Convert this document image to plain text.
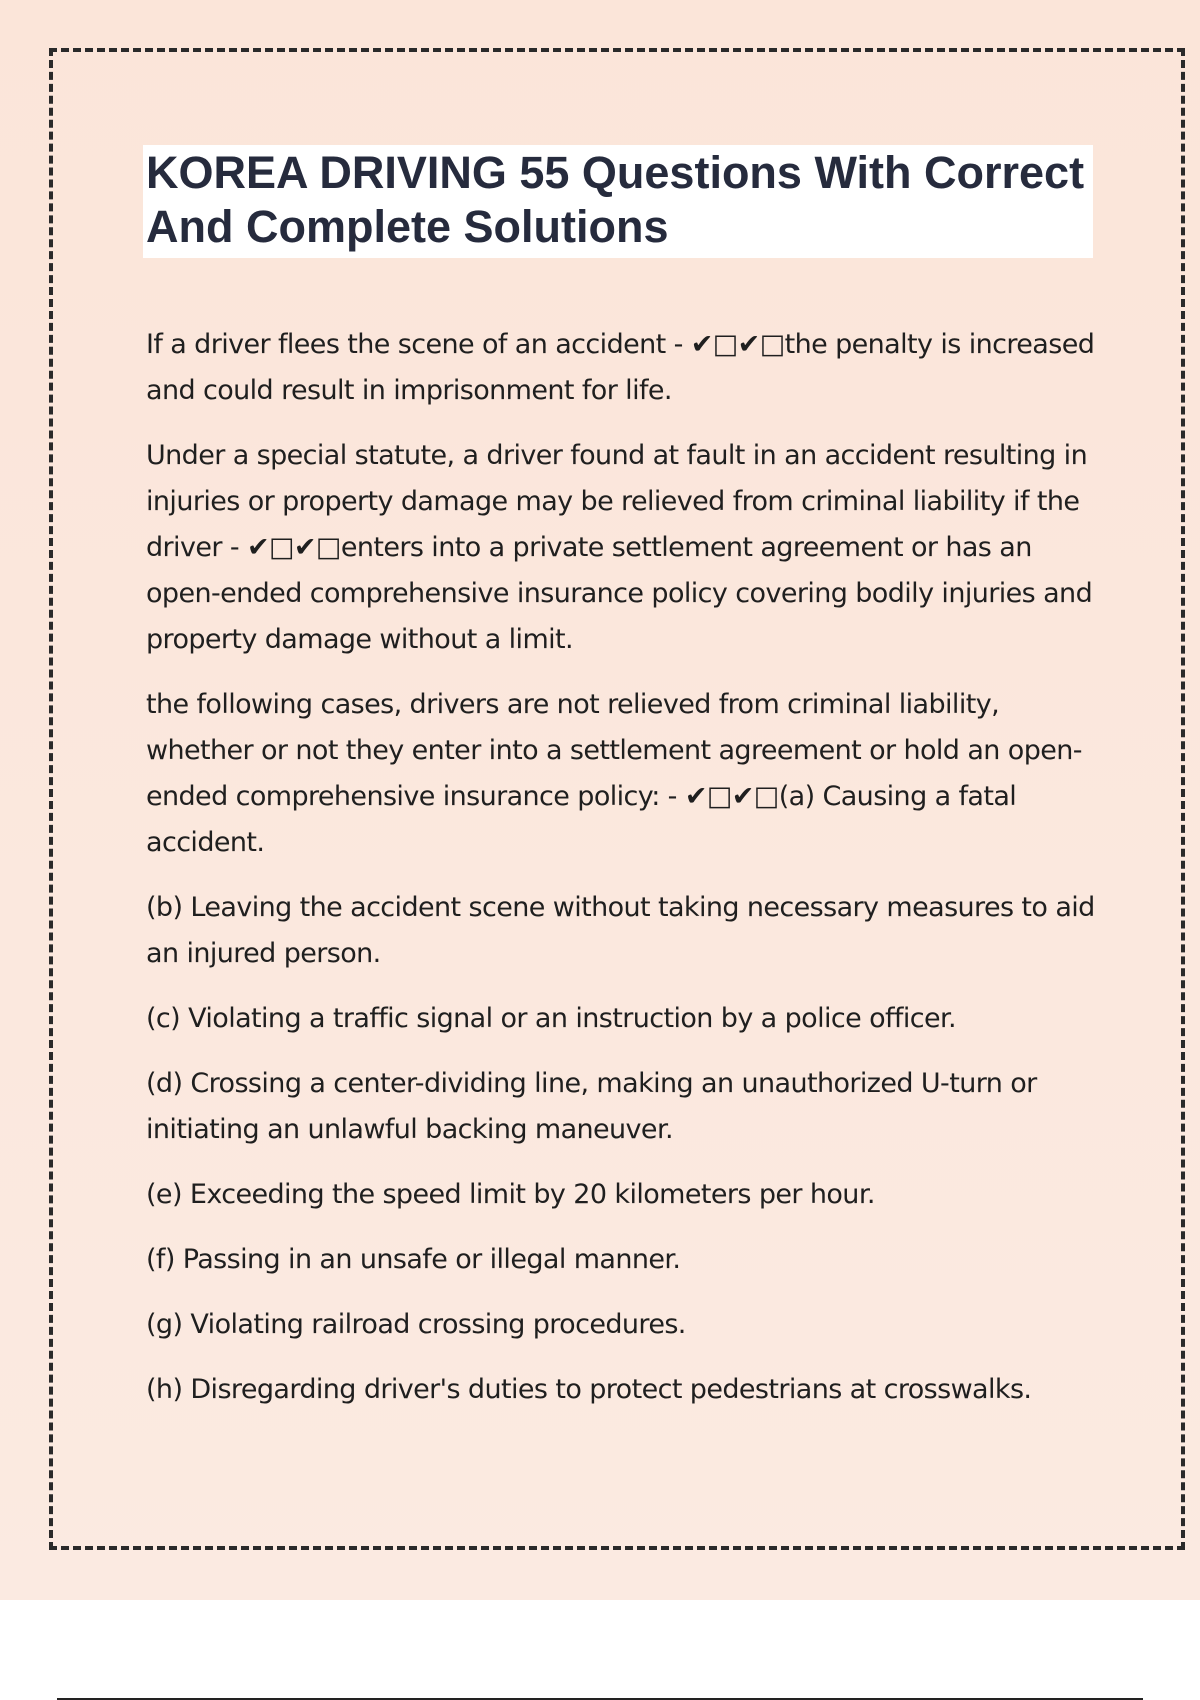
KOREA DRIVING 55 Questions With Correct And Complete Solutions

If a driver flees the scene of an accident - ✔□✔□the penalty is increased and could result in imprisonment for life.

Under a special statute, a driver found at fault in an accident resulting in injuries or property damage may be relieved from criminal liability if the driver - ✔□✔□enters into a private settlement agreement or has an open-ended comprehensive insurance policy covering bodily injuries and property damage without a limit.

the following cases, drivers are not relieved from criminal liability, whether or not they enter into a settlement agreement or hold an open-ended comprehensive insurance policy: - ✔□✔□(a) Causing a fatal accident.

(b) Leaving the accident scene without taking necessary measures to aid an injured person.

(c) Violating a traffic signal or an instruction by a police officer.

(d) Crossing a center-dividing line, making an unauthorized U-turn or initiating an unlawful backing maneuver.

(e) Exceeding the speed limit by 20 kilometers per hour.

(f) Passing in an unsafe or illegal manner.

(g) Violating railroad crossing procedures.

(h) Disregarding driver's duties to protect pedestrians at crosswalks.
